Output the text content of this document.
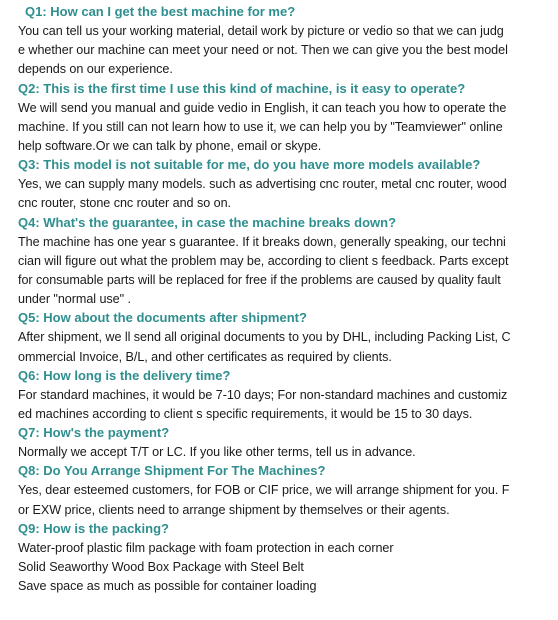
Q1: How can I get the best machine for me?
You can tell us your working material, detail work by picture or vedio so that we can judg
e whether our machine can meet your need or not. Then we can give you the best model
depends on our experience.
Q2: This is the first time I use this kind of machine, is it easy to operate?
We will send you manual and guide vedio in English, it can teach you how to operate the
machine. If you still can not learn how to use it, we can help you by "Teamviewer" online
help software.Or we can talk by phone, email or skype.
Q3: This model is not suitable for me, do you have more models available?
Yes, we can supply many models. such as advertising cnc router, metal cnc router, wood
cnc router, stone cnc router and so on.
Q4: What's the guarantee, in case the machine breaks down?
The machine has one year s guarantee. If it breaks down, generally speaking, our techni
cian will figure out what the problem may be, according to client s feedback. Parts except
for consumable parts will be replaced for free if the problems are caused by quality fault
under "normal use" .
Q5: How about the documents after shipment?
After shipment, we ll send all original documents to you by DHL, including Packing List, C
ommercial Invoice, B/L, and other certificates as required by clients.
Q6: How long is the delivery time?
For standard machines, it would be 7-10 days; For non-standard machines and customiz
ed machines according to client s specific requirements, it would be 15 to 30 days.
Q7: How's the payment?
Normally we accept T/T or LC. If you like other terms, tell us in advance.
Q8: Do You Arrange Shipment For The Machines?
Yes, dear esteemed customers, for FOB or CIF price, we will arrange shipment for you. F
or EXW price, clients need to arrange shipment by themselves or their agents.
Q9: How is the packing?
Water-proof plastic film package with foam protection in each corner
Solid Seaworthy Wood Box Package with Steel Belt
Save space as much as possible for container loading
